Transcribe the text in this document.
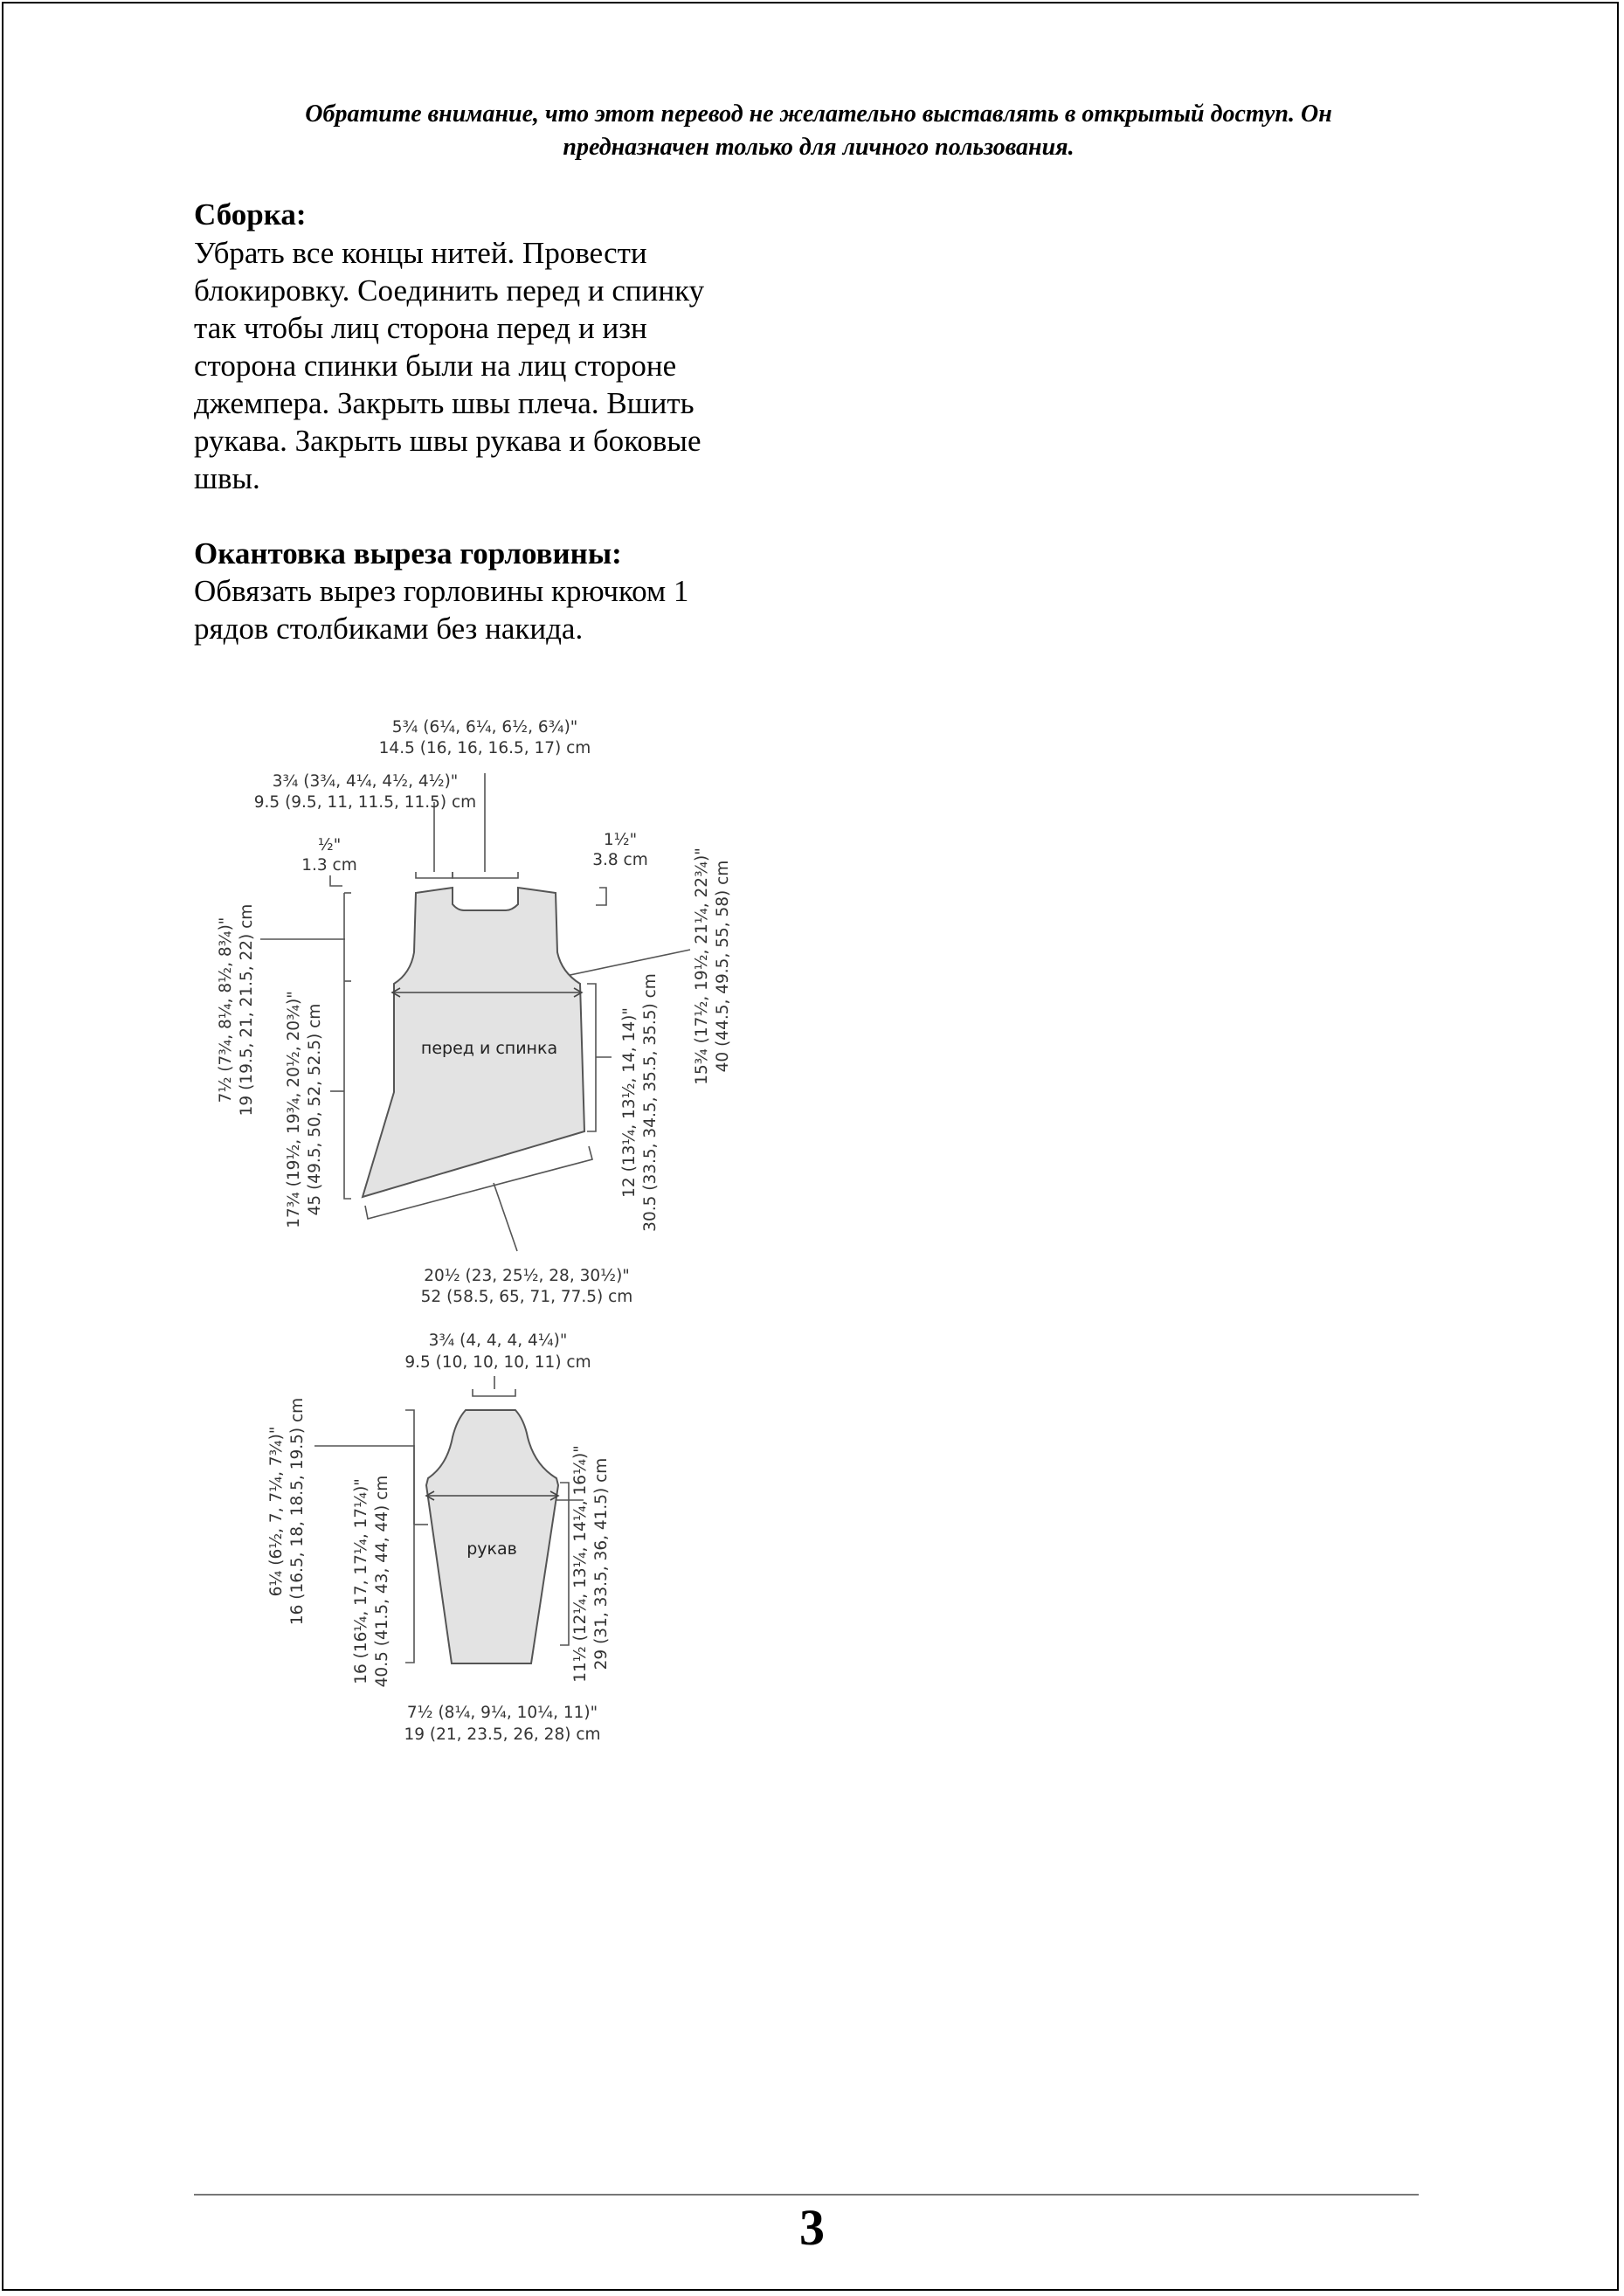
Обратите внимание, что этот перевод не желательно выставлять в открытый доступ. Он
предназначен только для личного пользования.
Сборка:
Убрать все концы нитей. Провести
блокировку. Соединить перед и спинку
так чтобы лиц сторона перед и изн
сторона спинки были на лиц стороне
джемпера. Закрыть швы плеча. Вшить
рукава. Закрыть швы рукава и боковые
швы.
Окантовка выреза горловины:
Обвязать вырез горловины крючком 1
рядов столбиками без накида.
перед и спинка
5¾ (6¼, 6¼, 6½, 6¾)"
14.5 (16, 16, 16.5, 17) cm
3¾ (3¾, 4¼, 4½, 4½)"
9.5 (9.5, 11, 11.5, 11.5) cm
½"
1.3 cm
1½"
3.8 cm
7½ (7¾, 8¼, 8½, 8¾)" 19 (19.5, 21, 21.5, 22) cm 17¾ (19½, 19¾, 20½, 20¾)" 45 (49.5, 50, 52, 52.5) cm
15¾ (17½, 19½, 21¼, 22¾)" 40 (44.5, 49.5, 55, 58) cm
12 (13¼, 13½, 14, 14)" 30.5 (33.5, 34.5, 35.5, 35.5) cm
20½ (23, 25½, 28, 30½)"
52 (58.5, 65, 71, 77.5) cm
рукав
3¾ (4, 4, 4, 4¼)"
9.5 (10, 10, 10, 11) cm
6¼ (6½, 7, 7¼, 7¾)" 16 (16.5, 18, 18.5, 19.5) cm	16 (16¼, 17, 17¼, 17¼)" 40.5 (41.5, 43, 44, 44) cm	11½ (12¼, 13¼, 14¼, 16¼)" 29 (31, 33.5, 36, 41.5) cm
7½ (8¼, 9¼, 10¼, 11)"
19 (21, 23.5, 26, 28) cm
3
